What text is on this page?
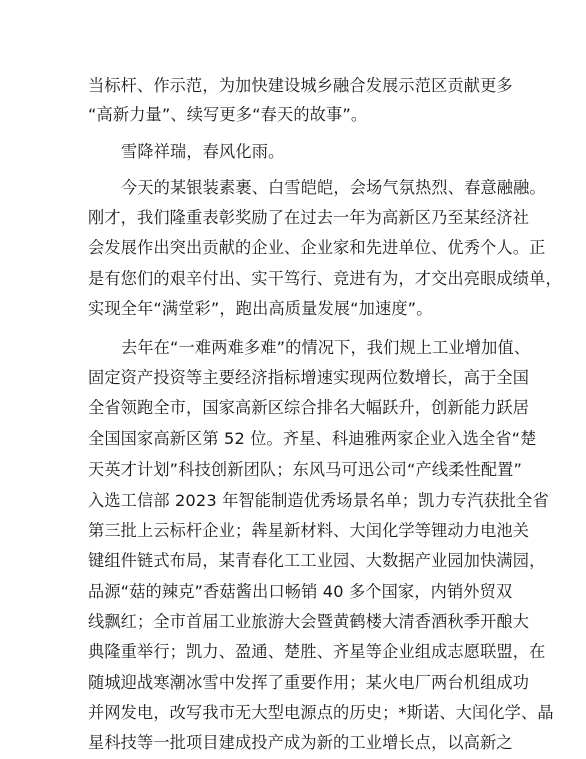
当标杆、作示范，为加快建设城乡融合发展示范区贡献更多
“高新力量”、续写更多“春天的故事”。
雪降祥瑞，春风化雨。
今天的某银装素裹、白雪皑皑，会场气氛热烈、春意融融。
刚才，我们隆重表彰奖励了在过去一年为高新区乃至某经济社
会发展作出突出贡献的企业、企业家和先进单位、优秀个人。正
是有您们的艰辛付出、实干笃行、竞进有为，才交出亮眼成绩单，
实现全年“满堂彩”，跑出高质量发展“加速度”。
去年在“一难两难多难”的情况下，我们规上工业增加值、
固定资产投资等主要经济指标增速实现两位数增长，高于全国
全省领跑全市，国家高新区综合排名大幅跃升，创新能力跃居
全国国家高新区第 52 位。齐星、科迪雅两家企业入选全省“楚
天英才计划”科技创新团队；东风马可迅公司“产线柔性配置”
入选工信部 2023 年智能制造优秀场景名单；凯力专汽获批全省
第三批上云标杆企业；犇星新材料、大闰化学等锂动力电池关
键组件链式布局，某青春化工工业园、大数据产业园加快满园，
品源“菇的辣克”香菇酱出口畅销 40 多个国家，内销外贸双
线飘红；全市首届工业旅游大会暨黄鹤楼大清香酒秋季开酿大
典隆重举行；凯力、盈通、楚胜、齐星等企业组成志愿联盟，在
随城迎战寒潮冰雪中发挥了重要作用；某火电厂两台机组成功
并网发电，改写我市无大型电源点的历史；*斯诺、大闰化学、晶
星科技等一批项目建成投产成为新的工业增长点，以高新之
